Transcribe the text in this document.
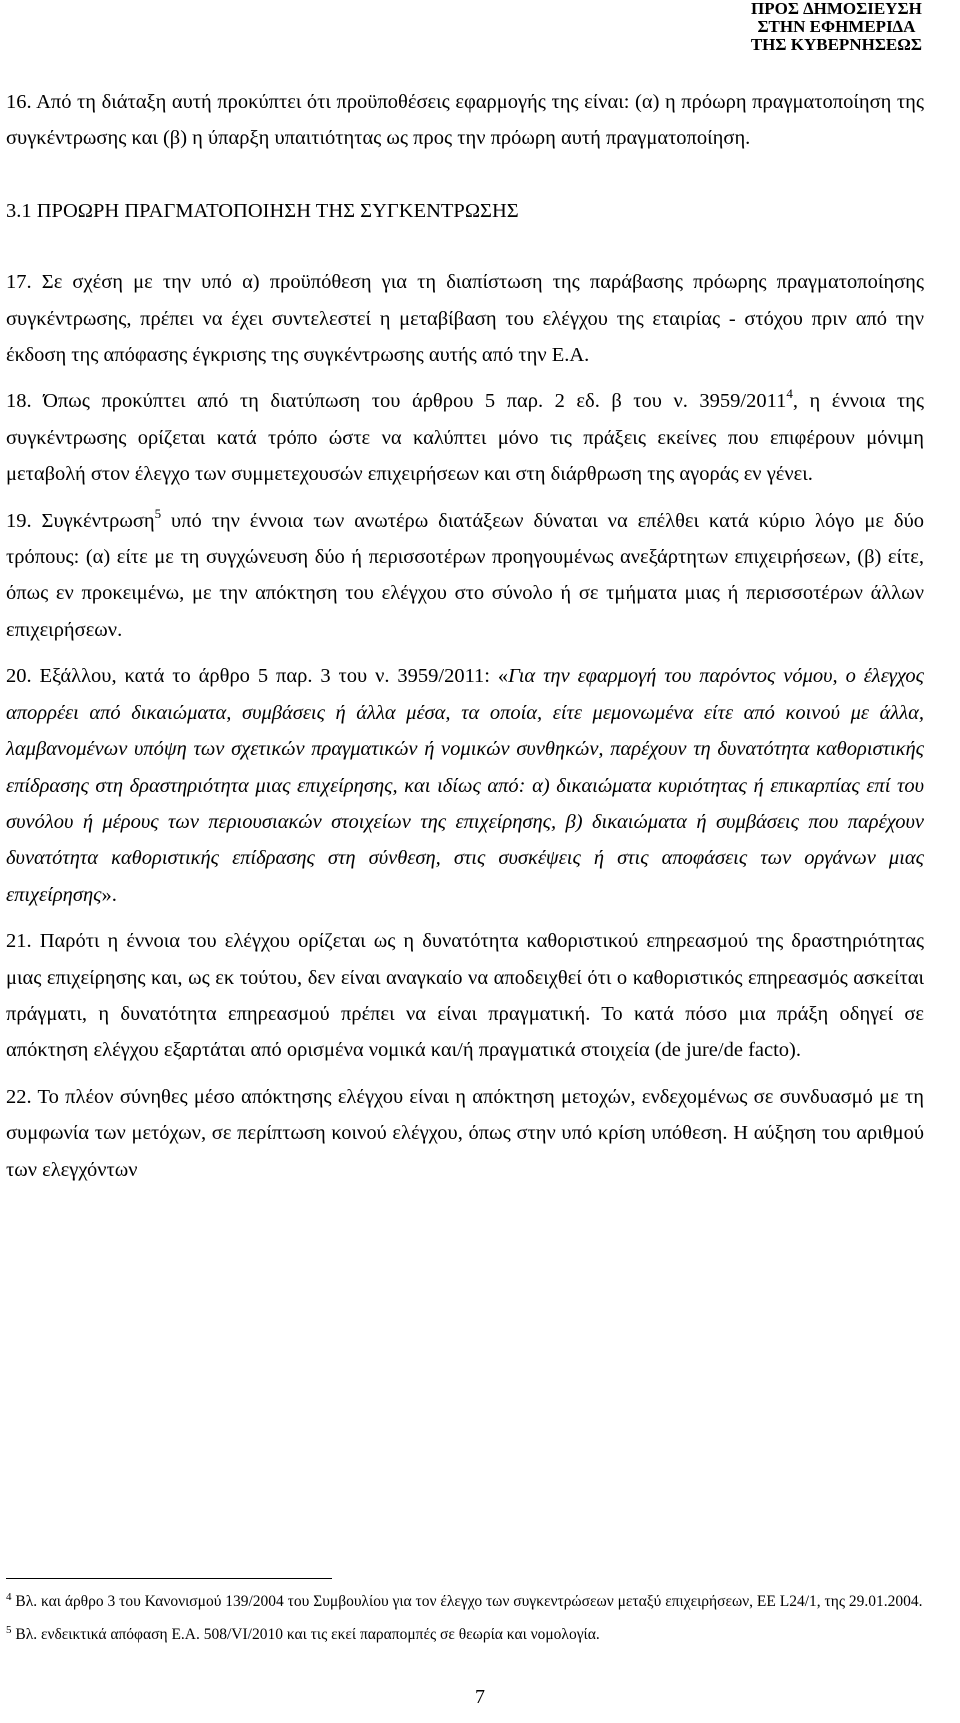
ΠΡΟΣ ∆ΗΜΟΣΙΕΥΣΗ
ΣΤΗΝ ΕΦΗΜΕΡΙ∆Α
ΤΗΣ ΚΥΒΕΡΝΗΣΕΩΣ

16. Από τη διάταξη αυτή προκύπτει ότι προϋποθέσεις εφαρμογής της είναι: (α) η πρόωρη πραγματοποίηση της συγκέντρωσης και (β) η ύπαρξη υπαιτιότητας ως προς την πρόωρη αυτή πραγματοποίηση.

3.1 ΠΡΟΩΡΗ ΠΡΑΓΜΑΤΟΠΟΙΗΣΗ ΤΗΣ ΣΥΓΚΕΝΤΡΩΣΗΣ

17. Σε σχέση με την υπό α) προϋπόθεση για τη διαπίστωση της παράβασης πρόωρης πραγματοποίησης συγκέντρωσης, πρέπει να έχει συντελεστεί η μεταβίβαση του ελέγχου της εταιρίας - στόχου πριν από την έκδοση της απόφασης έγκρισης της συγκέντρωσης αυτής από την Ε.Α.

18. Όπως προκύπτει από τη διατύπωση του άρθρου 5 παρ. 2 εδ. β του ν. 3959/2011$^4$, η έννοια της συγκέντρωσης ορίζεται κατά τρόπο ώστε να καλύπτει μόνο τις πράξεις εκείνες που επιφέρουν μόνιμη μεταβολή στον έλεγχο των συμμετεχουσών επιχειρήσεων και στη διάρθρωση της αγοράς εν γένει.

19. Συγκέντρωση$^5$ υπό την έννοια των ανωτέρω διατάξεων δύναται να επέλθει κατά κύριο λόγο με δύο τρόπους: (α) είτε με τη συγχώνευση δύο ή περισσοτέρων προηγουμένως ανεξάρτητων επιχειρήσεων, (β) είτε, όπως εν προκειμένω, με την απόκτηση του ελέγχου στο σύνολο ή σε τμήματα μιας ή περισσοτέρων άλλων επιχειρήσεων.

20. Εξάλλου, κατά το άρθρο 5 παρ. 3 του ν. 3959/2011: «Για την εφαρμογή του παρόντος νόμου, ο έλεγχος απορρέει από δικαιώματα, συμβάσεις ή άλλα μέσα, τα οποία, είτε μεμονωμένα είτε από κοινού με άλλα, λαμβανομένων υπόψη των σχετικών πραγματικών ή νομικών συνθηκών, παρέχουν τη δυνατότητα καθοριστικής επίδρασης στη δραστηριότητα μιας επιχείρησης, και ιδίως από: α) δικαιώματα κυριότητας ή επικαρπίας επί του συνόλου ή μέρους των περιουσιακών στοιχείων της επιχείρησης, β) δικαιώματα ή συμβάσεις που παρέχουν δυνατότητα καθοριστικής επίδρασης στη σύνθεση, στις συσκέψεις ή στις αποφάσεις των οργάνων μιας επιχείρησης».

21. Παρότι η έννοια του ελέγχου ορίζεται ως η δυνατότητα καθοριστικού επηρεασμού της δραστηριότητας μιας επιχείρησης και, ως εκ τούτου, δεν είναι αναγκαίο να αποδειχθεί ότι ο καθοριστικός επηρεασμός ασκείται πράγματι, η δυνατότητα επηρεασμού πρέπει να είναι πραγματική. Το κατά πόσο μια πράξη οδηγεί σε απόκτηση ελέγχου εξαρτάται από ορισμένα νομικά και/ή πραγματικά στοιχεία (de jure/de facto).

22. Το πλέον σύνηθες μέσο απόκτησης ελέγχου είναι η απόκτηση μετοχών, ενδεχομένως σε συνδυασμό με τη συμφωνία των μετόχων, σε περίπτωση κοινού ελέγχου, όπως στην υπό κρίση υπόθεση. Η αύξηση του αριθμού των ελεγχόντων

$^4$ Βλ. και άρθρο 3 του Κανονισμού 139/2004 του Συμβουλίου για τον έλεγχο των συγκεντρώσεων μεταξύ επιχειρήσεων, ΕΕ L24/1, της 29.01.2004.

$^5$ Βλ. ενδεικτικά απόφαση Ε.Α. 508/VI/2010 και τις εκεί παραπομπές σε θεωρία και νομολογία.

7
